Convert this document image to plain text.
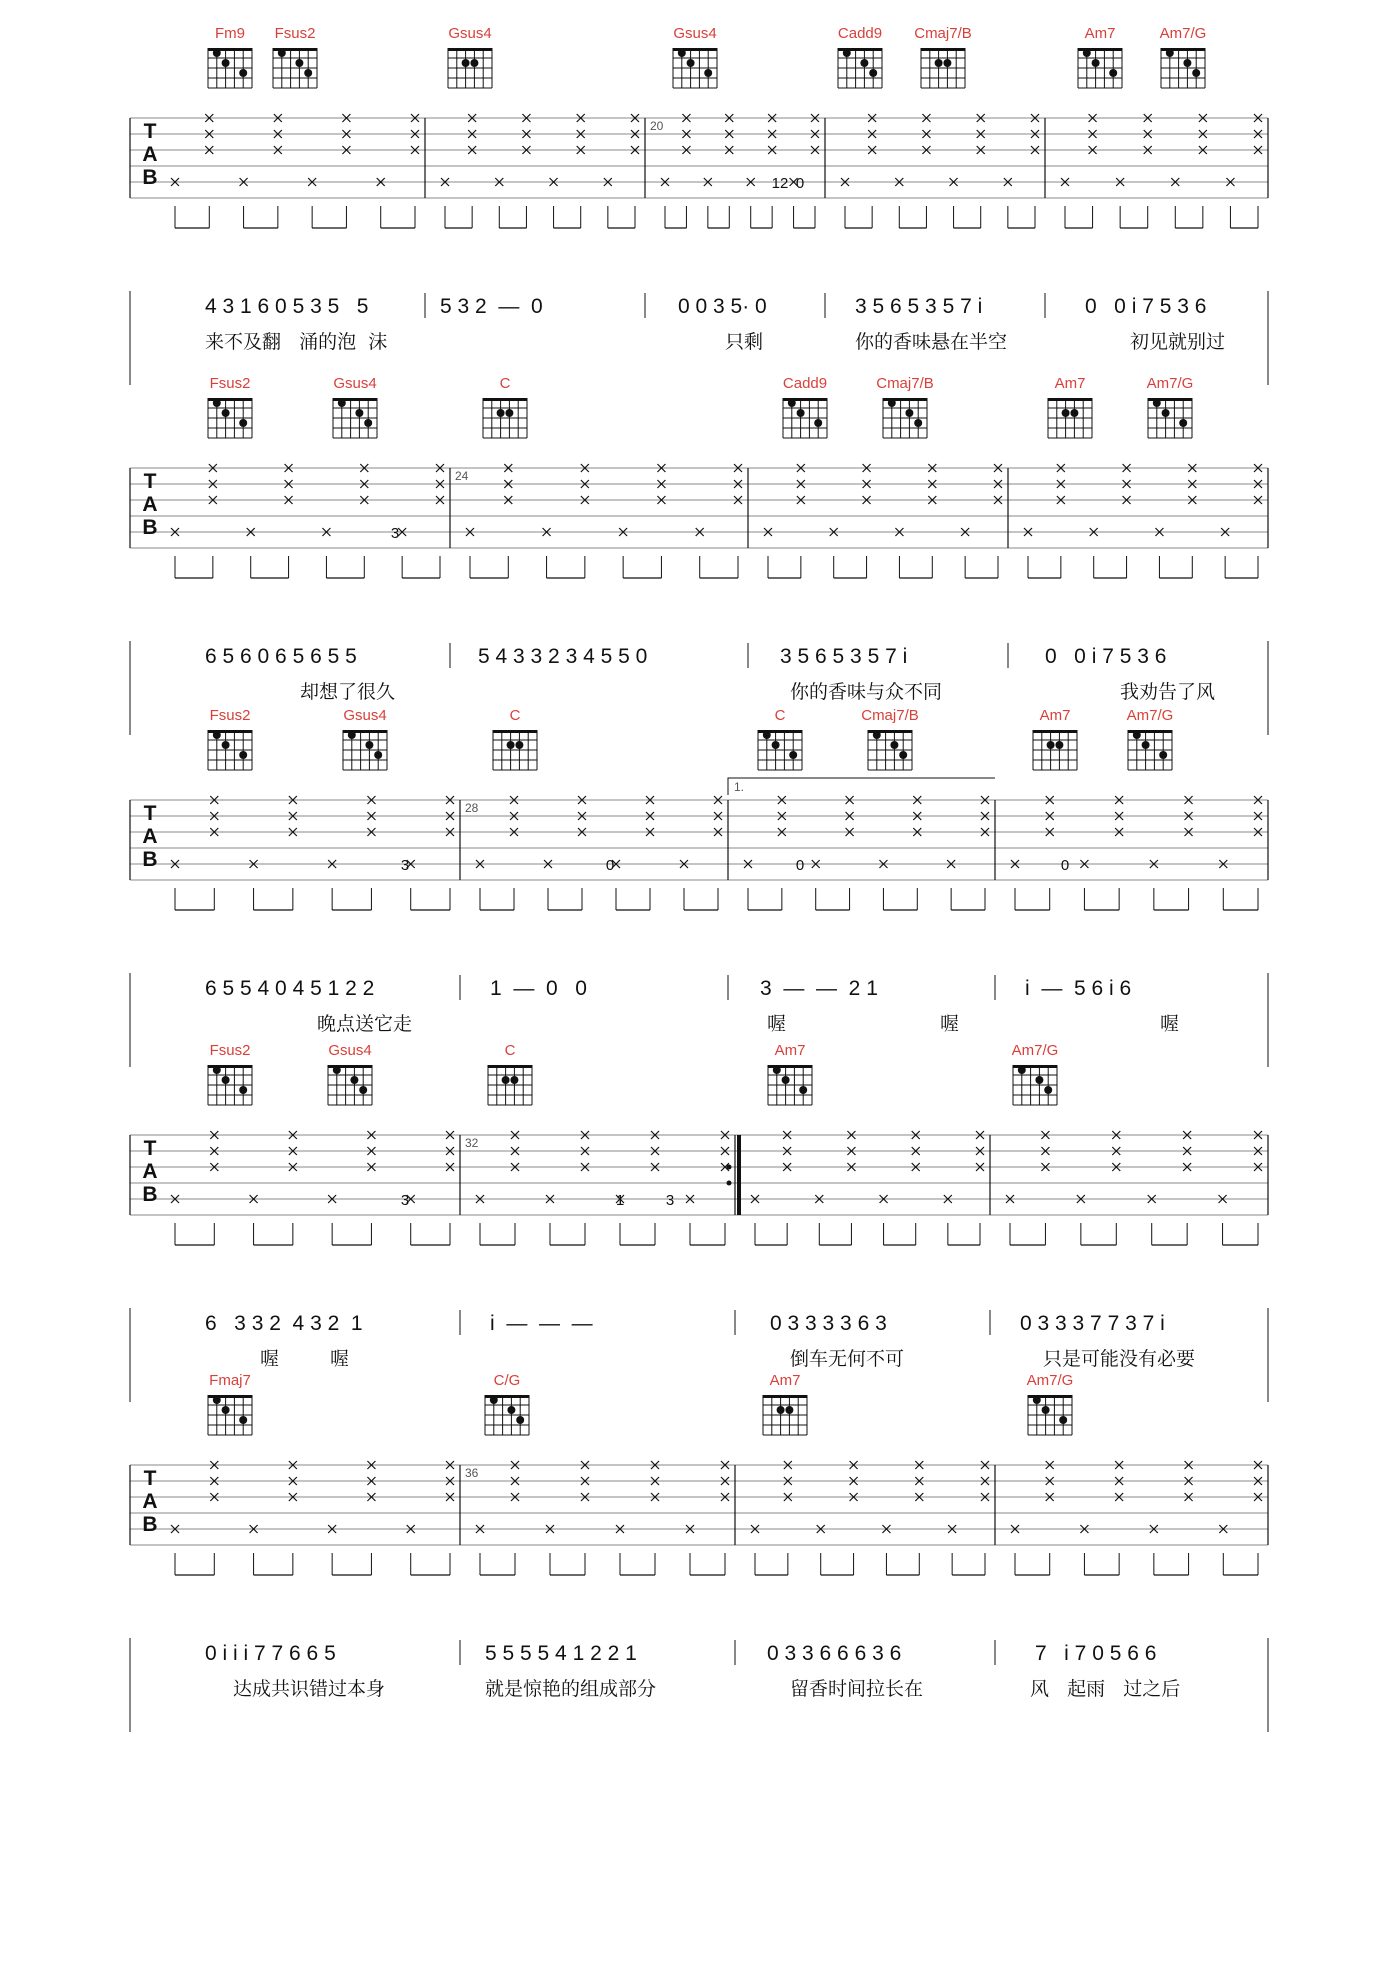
Fm9 Fsus2	Gsus4	Gsus4	Cadd9 Cmaj7/B	Am7	Am7/G
T
A
B
20
12 0
4 3 1 6 0 5 3 5   5	5 3 2  —  0	0 0 3 5· 0	3 5 6 5 3 5 7 i	0   0 i 7 5 3 6
来不及翻   涌的泡  沫	只剩	你的香味悬在半空	初见就别过
Fsus2	Gsus4	C	Cadd9	Cmaj7/B	Am7	Am7/G
T
A
B
24
3
6 5 6 0 6 5 6 5 5	5 4 3 3 2 3 4 5 5 0	3 5 6 5 3 5 7 i	0   0 i 7 5 3 6
却想了很久	你的香味与众不同	我劝告了风
Fsus2	Gsus4	C	C	Cmaj7/B	Am7	Am7/G
T
A
B
1.
28
3	0	0	0
6 5 5 4 0 4 5 1 2 2	1  —  0   0	3  —  —  2 1	i  —  5 6 i 6
晚点送它走	喔	喔	喔
Fsus2	Gsus4	C	Am7	Am7/G
T
A
B
32
3	1	3
6   3 3 2  4 3 2  1	i  —  —  —	0 3 3 3 3 6 3	0 3 3 3 7 7 3 7 i
喔	喔	倒车无何不可	只是可能没有必要
Fmaj7	C/G	Am7	Am7/G
T
A
B
36
0 i i i 7 7 6 6 5	5 5 5 5 4 1 2 2 1	0 3 3 6 6 6 3 6	7   i 7 0 5 6 6
达成共识错过本身	就是惊艳的组成部分	留香时间拉长在	风   起雨   过之后
